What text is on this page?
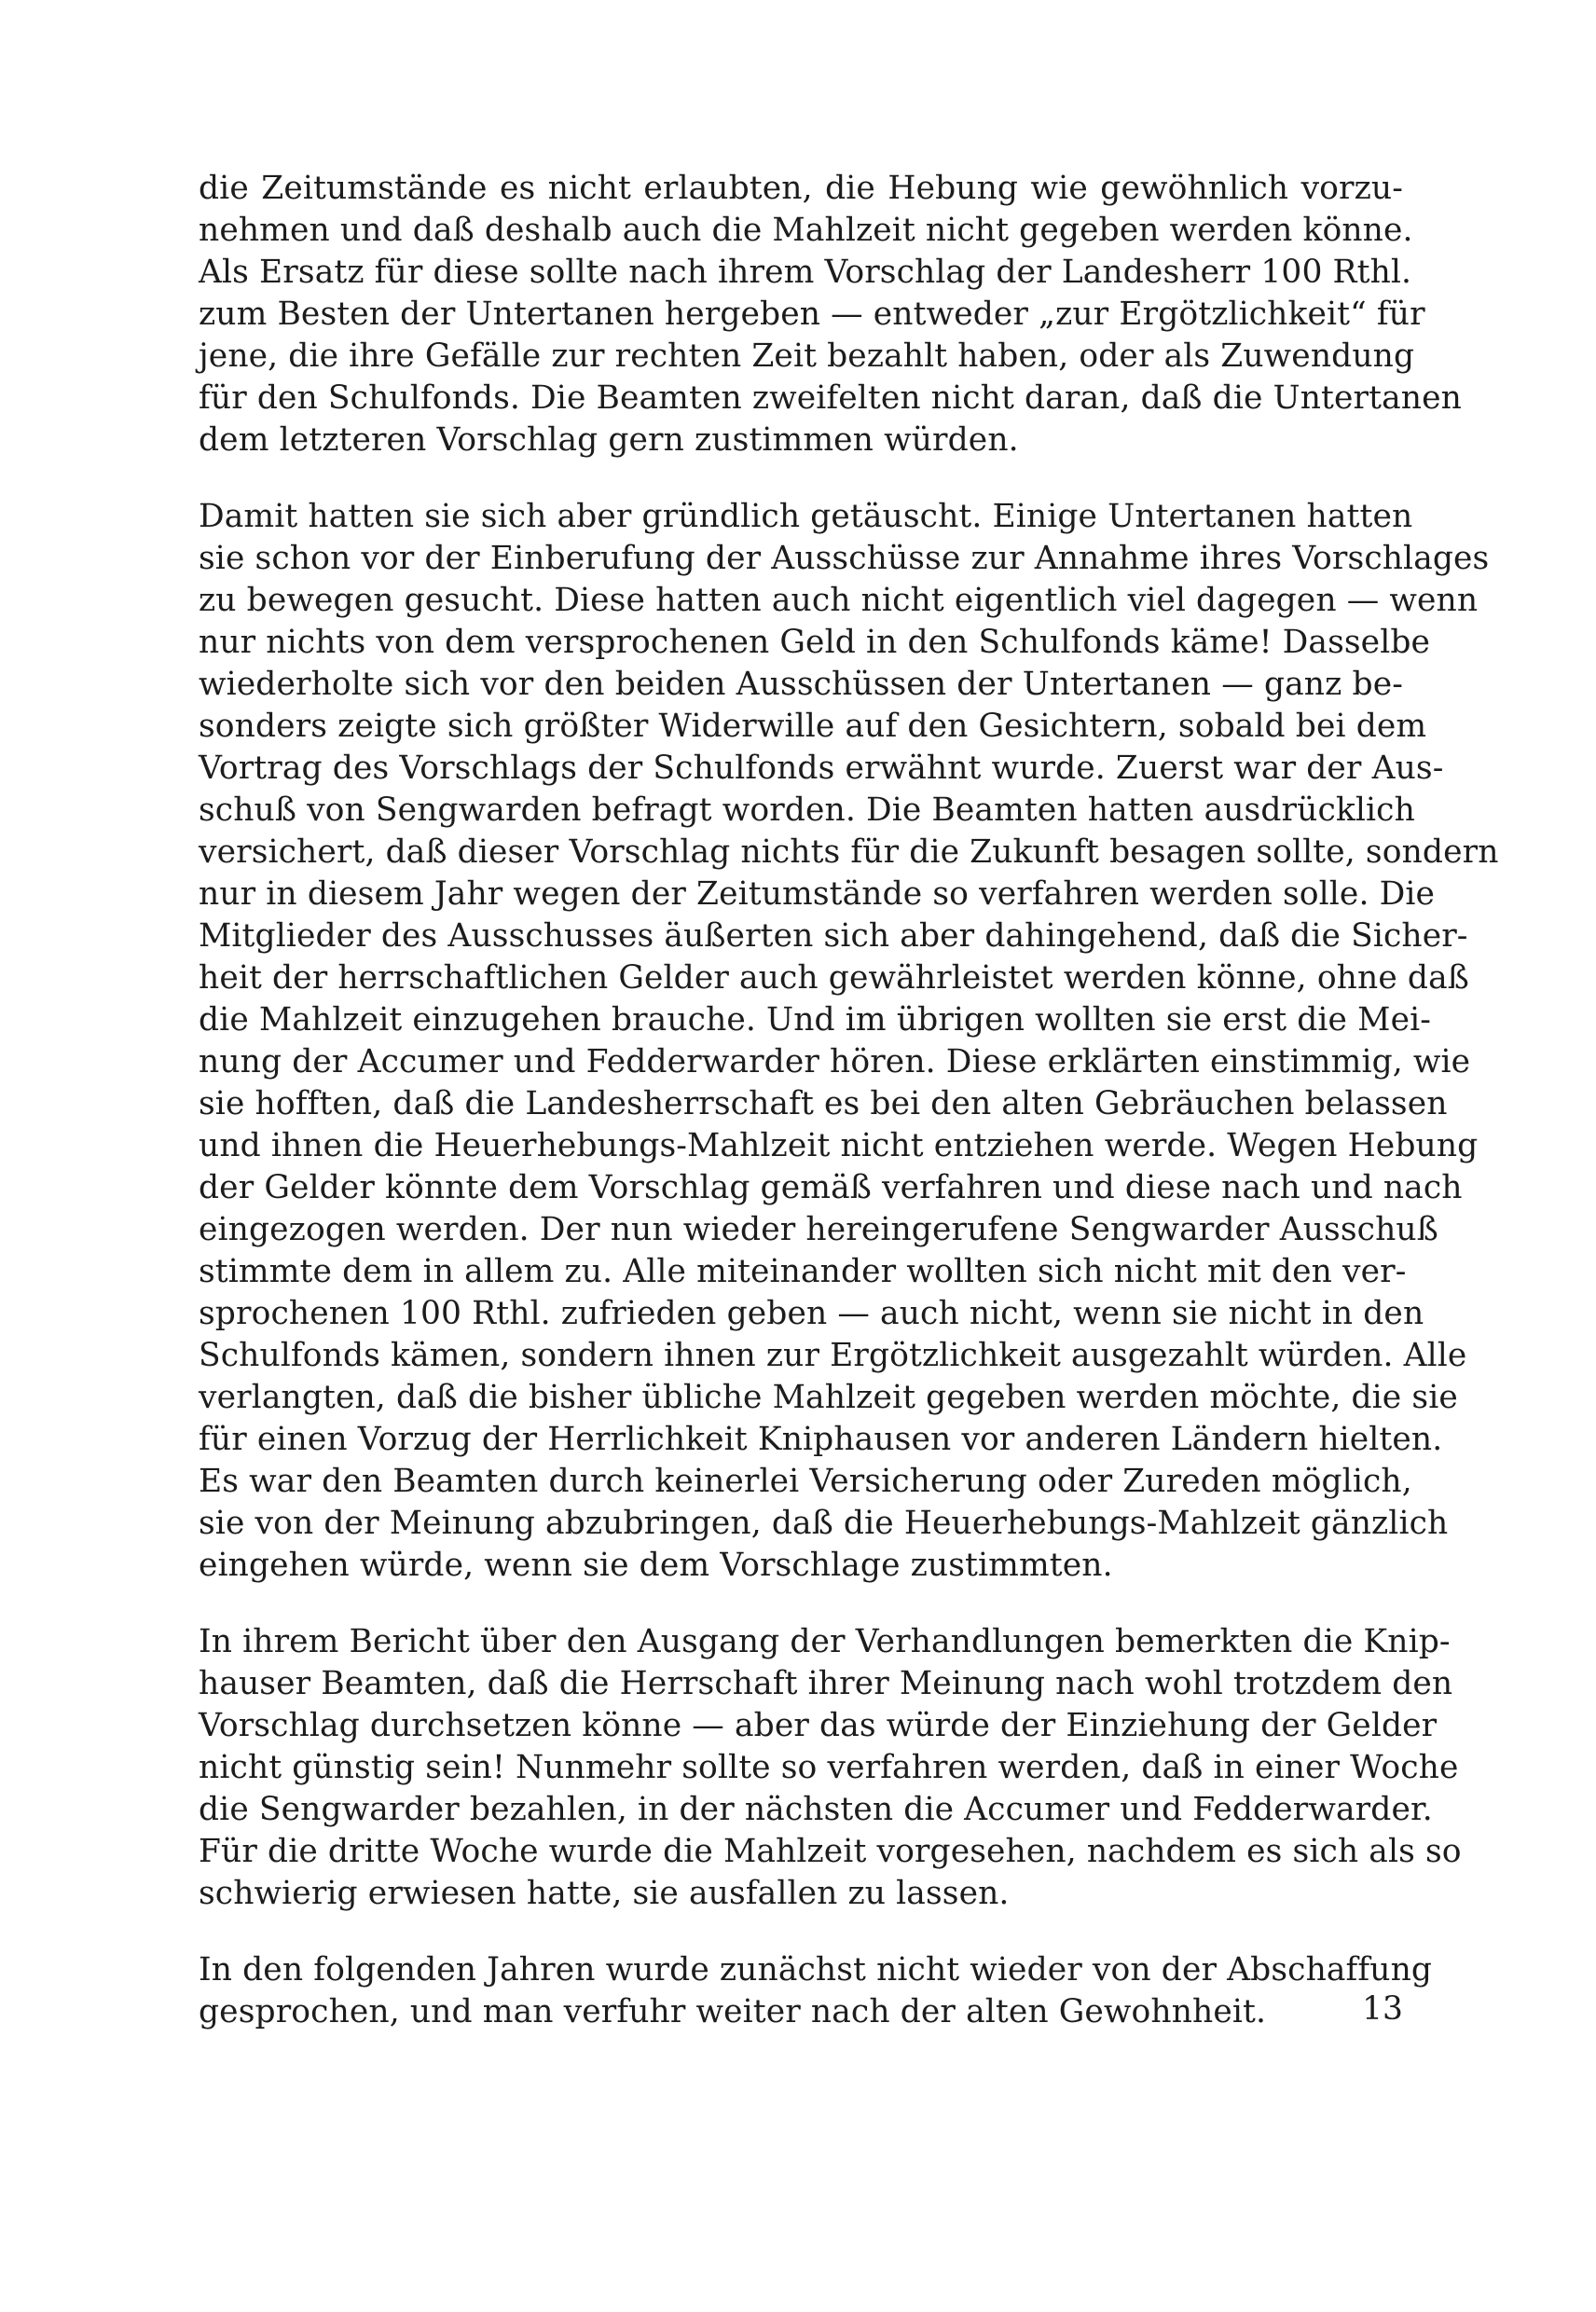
die Zeitumstände es nicht erlaubten, die Hebung wie gewöhnlich vorzu-
nehmen und daß deshalb auch die Mahlzeit nicht gegeben werden könne.
Als Ersatz für diese sollte nach ihrem Vorschlag der Landesherr 100 Rthl.
zum Besten der Untertanen hergeben — entweder „zur Ergötzlichkeit“ für
jene, die ihre Gefälle zur rechten Zeit bezahlt haben, oder als Zuwendung
für den Schulfonds. Die Beamten zweifelten nicht daran, daß die Untertanen
dem letzteren Vorschlag gern zustimmen würden.

Damit hatten sie sich aber gründlich getäuscht. Einige Untertanen hatten
sie schon vor der Einberufung der Ausschüsse zur Annahme ihres Vorschlages
zu bewegen gesucht. Diese hatten auch nicht eigentlich viel dagegen — wenn
nur nichts von dem versprochenen Geld in den Schulfonds käme! Dasselbe
wiederholte sich vor den beiden Ausschüssen der Untertanen — ganz be-
sonders zeigte sich größter Widerwille auf den Gesichtern, sobald bei dem
Vortrag des Vorschlags der Schulfonds erwähnt wurde. Zuerst war der Aus-
schuß von Sengwarden befragt worden. Die Beamten hatten ausdrücklich
versichert, daß dieser Vorschlag nichts für die Zukunft besagen sollte, sondern
nur in diesem Jahr wegen der Zeitumstände so verfahren werden solle. Die
Mitglieder des Ausschusses äußerten sich aber dahingehend, daß die Sicher-
heit der herrschaftlichen Gelder auch gewährleistet werden könne, ohne daß
die Mahlzeit einzugehen brauche. Und im übrigen wollten sie erst die Mei-
nung der Accumer und Fedderwarder hören. Diese erklärten einstimmig, wie
sie hofften, daß die Landesherrschaft es bei den alten Gebräuchen belassen
und ihnen die Heuerhebungs-Mahlzeit nicht entziehen werde. Wegen Hebung
der Gelder könnte dem Vorschlag gemäß verfahren und diese nach und nach
eingezogen werden. Der nun wieder hereingerufene Sengwarder Ausschuß
stimmte dem in allem zu. Alle miteinander wollten sich nicht mit den ver-
sprochenen 100 Rthl. zufrieden geben — auch nicht, wenn sie nicht in den
Schulfonds kämen, sondern ihnen zur Ergötzlichkeit ausgezahlt würden. Alle
verlangten, daß die bisher übliche Mahlzeit gegeben werden möchte, die sie
für einen Vorzug der Herrlichkeit Kniphausen vor anderen Ländern hielten.
Es war den Beamten durch keinerlei Versicherung oder Zureden möglich,
sie von der Meinung abzubringen, daß die Heuerhebungs-Mahlzeit gänzlich
eingehen würde, wenn sie dem Vorschlage zustimmten.

In ihrem Bericht über den Ausgang der Verhandlungen bemerkten die Knip-
hauser Beamten, daß die Herrschaft ihrer Meinung nach wohl trotzdem den
Vorschlag durchsetzen könne — aber das würde der Einziehung der Gelder
nicht günstig sein! Nunmehr sollte so verfahren werden, daß in einer Woche
die Sengwarder bezahlen, in der nächsten die Accumer und Fedderwarder.
Für die dritte Woche wurde die Mahlzeit vorgesehen, nachdem es sich als so
schwierig erwiesen hatte, sie ausfallen zu lassen.

In den folgenden Jahren wurde zunächst nicht wieder von der Abschaffung
gesprochen, und man verfuhr weiter nach der alten Gewohnheit.	13
